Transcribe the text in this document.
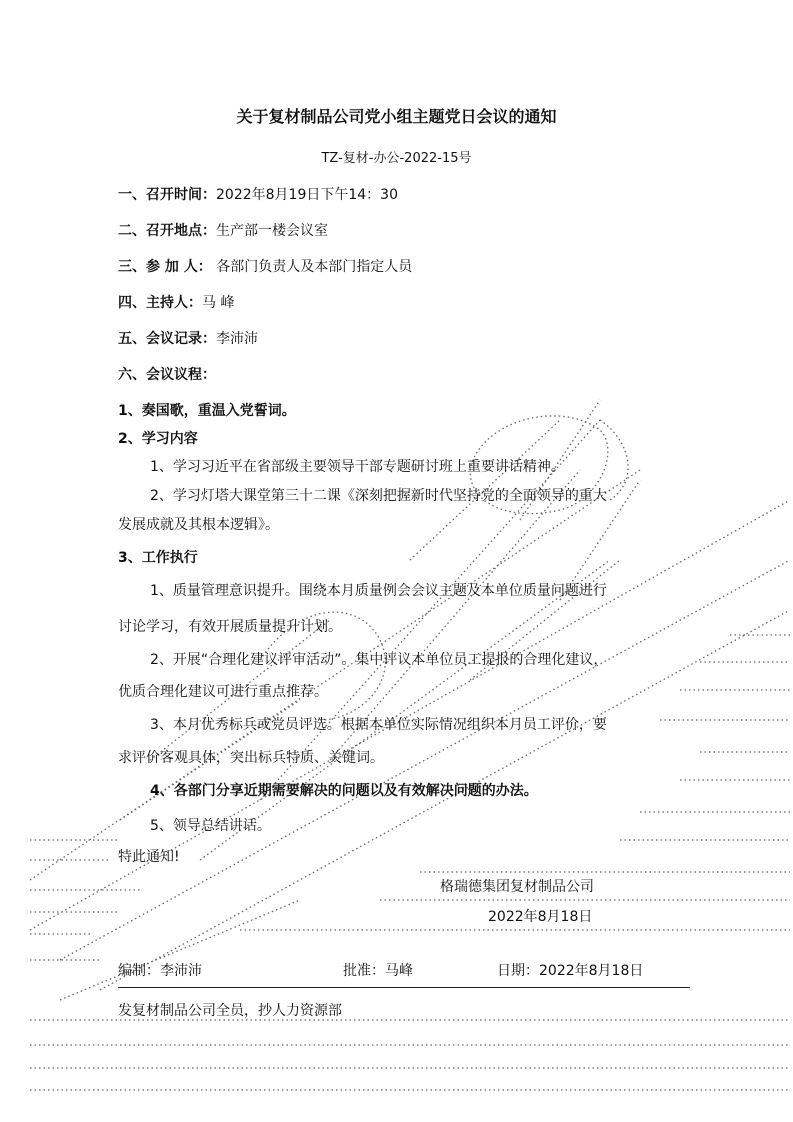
关于复材制品公司党小组主题党日会议的通知
TZ-复材-办公-2022-15号
一、召开时间：2022年8月19日下午14：30
二、召开地点：生产部一楼会议室
三、参 加 人： 各部门负责人及本部门指定人员
四、主持人：马 峰
五、会议记录：李沛沛
六、会议议程：
1、奏国歌，重温入党誓词。
2、学习内容
1、学习习近平在省部级主要领导干部专题研讨班上重要讲话精神。
2、学习灯塔大课堂第三十二课《深刻把握新时代坚持党的全面领导的重大
发展成就及其根本逻辑》。
3、工作执行
1、质量管理意识提升。围绕本月质量例会会议主题及本单位质量问题进行
讨论学习，有效开展质量提升计划。
2、开展“合理化建议评审活动”。集中评议本单位员工提报的合理化建议，
优质合理化建议可进行重点推荐。
3、本月优秀标兵或党员评选。根据本单位实际情况组织本月员工评价，要
求评价客观具体，突出标兵特质、关键词。
4、各部门分享近期需要解决的问题以及有效解决问题的办法。
5、领导总结讲话。
特此通知!
格瑞德集团复材制品公司
2022年8月18日
编制：李沛沛	批准：马峰	日期：2022年8月18日
发复材制品公司全员，抄人力资源部
